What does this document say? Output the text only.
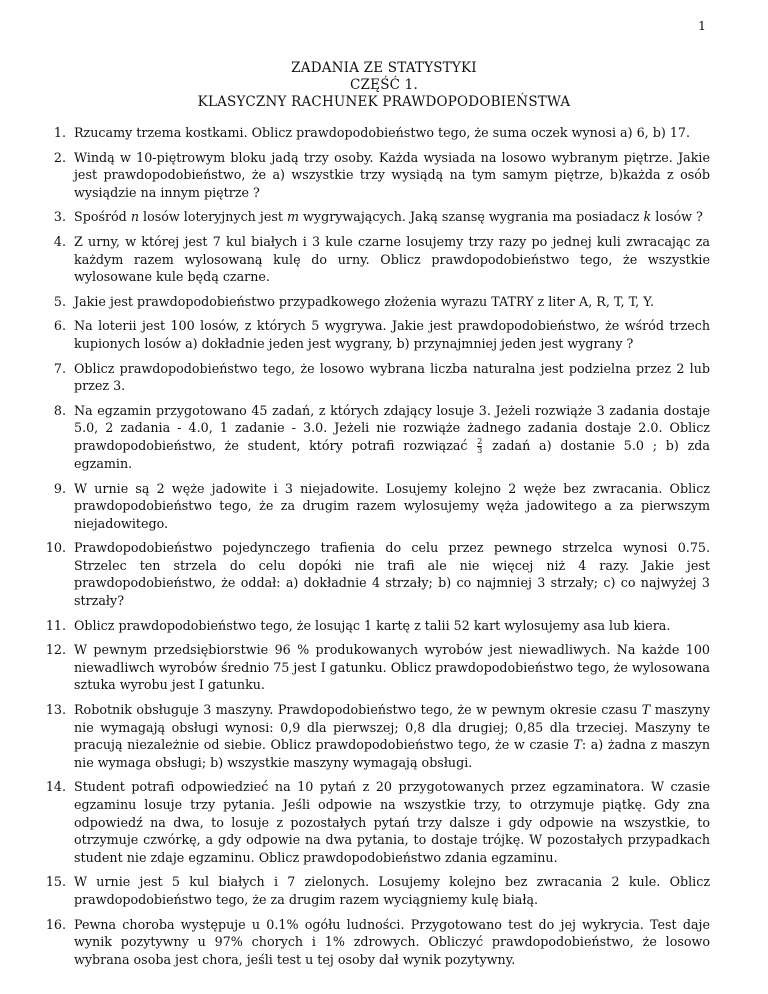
1
ZADANIA ZE STATYSTYKI
CZĘŚĆ 1.
KLASYCZNY RACHUNEK PRAWDOPODOBIEŃSTWA
1. Rzucamy trzema kostkami. Oblicz prawdopodobieństwo tego, że suma oczek wynosi a) 6, b) 17.
2. Windą w 10-piętrowym bloku jadą trzy osoby. Każda wysiada na losowo wybranym piętrze. Jakie jest prawdopodobieństwo, że a) wszystkie trzy wysiądą na tym samym piętrze, b)każda z osób wysiądzie na innym piętrze ?
3. Spośród n losów loteryjnych jest m wygrywających. Jaką szansę wygrania ma posiadacz k losów ?
4. Z urny, w której jest 7 kul białych i 3 kule czarne losujemy trzy razy po jednej kuli zwracając za każdym razem wylosowaną kulę do urny. Oblicz prawdopodobieństwo tego, że wszystkie wylosowane kule będą czarne.
5. Jakie jest prawdopodobieństwo przypadkowego złożenia wyrazu TATRY z liter A, R, T, T, Y.
6. Na loterii jest 100 losów, z których 5 wygrywa. Jakie jest prawdopodobieństwo, że wśród trzech kupionych losów a) dokładnie jeden jest wygrany, b) przynajmniej jeden jest wygrany ?
7. Oblicz prawdopodobieństwo tego, że losowo wybrana liczba naturalna jest podzielna przez 2 lub przez 3.
8. Na egzamin przygotowano 45 zadań, z których zdający losuje 3. Jeżeli rozwiąże 3 zadania dostaje 5.0, 2 zadania - 4.0, 1 zadanie - 3.0. Jeżeli nie rozwiąże żadnego zadania dostaje 2.0. Oblicz prawdopodobieństwo, że student, który potrafi rozwiązać $\frac{2}{3}$ zadań a) dostanie 5.0 ; b) zda egzamin.
9. W urnie są 2 węże jadowite i 3 niejadowite. Losujemy kolejno 2 węże bez zwracania. Oblicz prawdopodobieństwo tego, że za drugim razem wylosujemy węża jadowitego a za pierwszym niejadowitego.
10. Prawdopodobieństwo pojedynczego trafienia do celu przez pewnego strzelca wynosi 0.75. Strzelec ten strzela do celu dopóki nie trafi ale nie więcej niż 4 razy. Jakie jest prawdopodobieństwo, że oddał: a) dokładnie 4 strzały; b) co najmniej 3 strzały; c) co najwyżej 3 strzały?
11. Oblicz prawdopodobieństwo tego, że losując 1 kartę z talii 52 kart wylosujemy asa lub kiera.
12. W pewnym przedsiębiorstwie 96 % produkowanych wyrobów jest niewadliwych. Na każde 100 niewadliwch wyrobów średnio 75 jest I gatunku. Oblicz prawdopodobieństwo tego, że wylosowana sztuka wyrobu jest I gatunku.
13. Robotnik obsługuje 3 maszyny. Prawdopodobieństwo tego, że w pewnym okresie czasu T maszyny nie wymagają obsługi wynosi: 0,9 dla pierwszej; 0,8 dla drugiej; 0,85 dla trzeciej. Maszyny te pracują niezależnie od siebie. Oblicz prawdopodobieństwo tego, że w czasie T: a) żadna z maszyn nie wymaga obsługi; b) wszystkie maszyny wymagają obsługi.
14. Student potrafi odpowiedzieć na 10 pytań z 20 przygotowanych przez egzaminatora. W czasie egzaminu losuje trzy pytania. Jeśli odpowie na wszystkie trzy, to otrzymuje piątkę. Gdy zna odpowiedź na dwa, to losuje z pozostałych pytań trzy dalsze i gdy odpowie na wszystkie, to otrzymuje czwórkę, a gdy odpowie na dwa pytania, to dostaje trójkę. W pozostałych przypadkach student nie zdaje egzaminu. Oblicz prawdopodobieństwo zdania egzaminu.
15. W urnie jest 5 kul białych i 7 zielonych. Losujemy kolejno bez zwracania 2 kule. Oblicz prawdopodobieństwo tego, że za drugim razem wyciągniemy kulę białą.
16. Pewna choroba występuje u 0.1% ogółu ludności. Przygotowano test do jej wykrycia. Test daje wynik pozytywny u 97% chorych i 1% zdrowych. Obliczyć prawdopodobieństwo, że losowo wybrana osoba jest chora, jeśli test u tej osoby dał wynik pozytywny.
